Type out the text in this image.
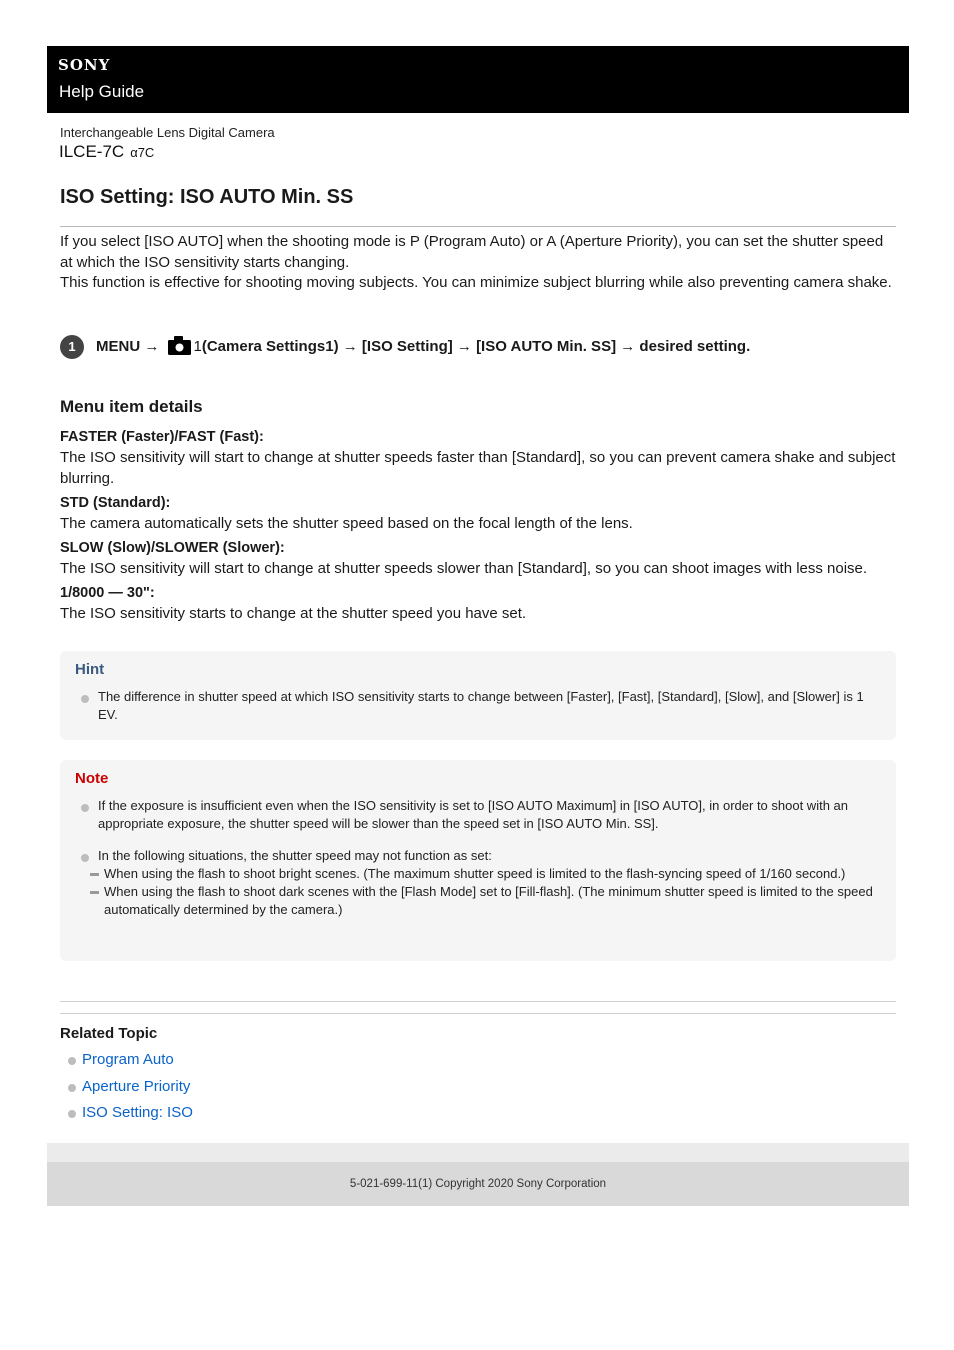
SONY
Help Guide
Interchangeable Lens Digital Camera
ILCE-7C α7C
ISO Setting: ISO AUTO Min. SS
If you select [ISO AUTO] when the shooting mode is P (Program Auto) or A (Aperture Priority), you can set the shutter speed at which the ISO sensitivity starts changing.
This function is effective for shooting moving subjects. You can minimize subject blurring while also preventing camera shake.
1	MENU → 1(Camera Settings1) → [ISO Setting] → [ISO AUTO Min. SS] → desired setting.
Menu item details

FASTER (Faster)/FAST (Fast):

The ISO sensitivity will start to change at shutter speeds faster than [Standard], so you can prevent camera shake and subject blurring.

STD (Standard):

The camera automatically sets the shutter speed based on the focal length of the lens.

SLOW (Slow)/SLOWER (Slower):

The ISO sensitivity will start to change at shutter speeds slower than [Standard], so you can shoot images with less noise.

1/8000 — 30":

The ISO sensitivity starts to change at the shutter speed you have set.

Hint
The difference in shutter speed at which ISO sensitivity starts to change between [Faster], [Fast], [Standard], [Slow], and [Slower] is 1 EV.
Note
If the exposure is insufficient even when the ISO sensitivity is set to [ISO AUTO Maximum] in [ISO AUTO], in order to shoot with an appropriate exposure, the shutter speed will be slower than the speed set in [ISO AUTO Min. SS].
In the following situations, the shutter speed may not function as set:
When using the flash to shoot bright scenes. (The maximum shutter speed is limited to the flash-syncing speed of 1/160 second.)
When using the flash to shoot dark scenes with the [Flash Mode] set to [Fill-flash]. (The minimum shutter speed is limited to the speed automatically determined by the camera.)
Related Topic
Program Auto
Aperture Priority
ISO Setting: ISO
5-021-699-11(1) Copyright 2020 Sony Corporation
